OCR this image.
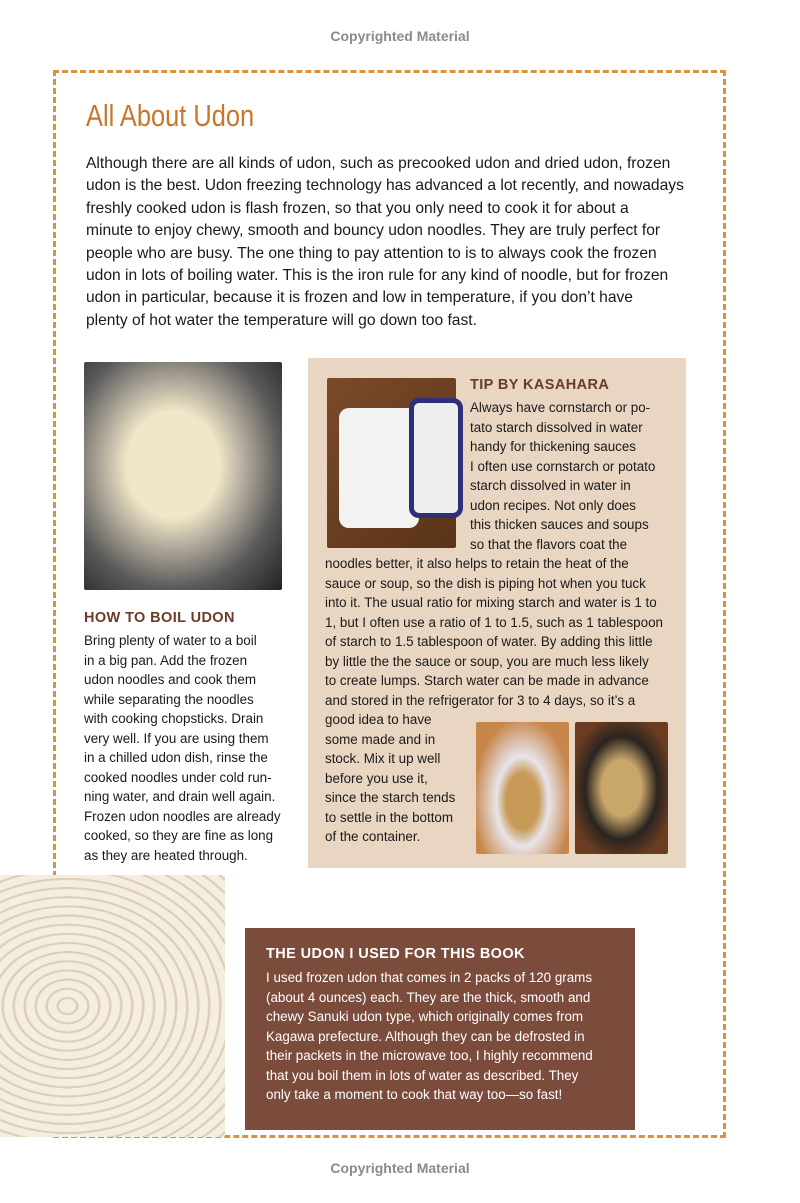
Copyrighted Material
All About Udon
Although there are all kinds of udon, such as precooked udon and dried udon, frozen
udon is the best. Udon freezing technology has advanced a lot recently, and nowadays
freshly cooked udon is flash frozen, so that you only need to cook it for about a
minute to enjoy chewy, smooth and bouncy udon noodles. They are truly perfect for
people who are busy. The one thing to pay attention to is to always cook the frozen
udon in lots of boiling water. This is the iron rule for any kind of noodle, but for frozen
udon in particular, because it is frozen and low in temperature, if you don’t have
plenty of hot water the temperature will go down too fast.
HOW TO BOIL UDON
Bring plenty of water to a boil
in a big pan. Add the frozen
udon noodles and cook them
while separating the noodles
with cooking chopsticks. Drain
very well. If you are using them
in a chilled udon dish, rinse the
cooked noodles under cold run-
ning water, and drain well again.
Frozen udon noodles are already
cooked, so they are fine as long
as they are heated through.
TIP BY KASAHARA
Always have cornstarch or po-
tato starch dissolved in water
handy for thickening sauces
I often use cornstarch or potato
starch dissolved in water in
udon recipes. Not only does
this thicken sauces and soups
so that the flavors coat the
noodles better, it also helps to retain the heat of the
sauce or soup, so the dish is piping hot when you tuck
into it. The usual ratio for mixing starch and water is 1 to
1, but I often use a ratio of 1 to 1.5, such as 1 tablespoon
of starch to 1.5 tablespoon of water. By adding this little
by little the the sauce or soup, you are much less likely
to create lumps. Starch water can be made in advance
and stored in the refrigerator for 3 to 4 days, so it’s a
good idea to have
some made and in
stock. Mix it up well
before you use it,
since the starch tends
to settle in the bottom
of the container.
THE UDON I USED FOR THIS BOOK
I used frozen udon that comes in 2 packs of 120 grams
(about 4 ounces) each. They are the thick, smooth and
chewy Sanuki udon type, which originally comes from
Kagawa prefecture. Although they can be defrosted in
their packets in the microwave too, I highly recommend
that you boil them in lots of water as described. They
only take a moment to cook that way too—so fast!
Copyrighted Material
